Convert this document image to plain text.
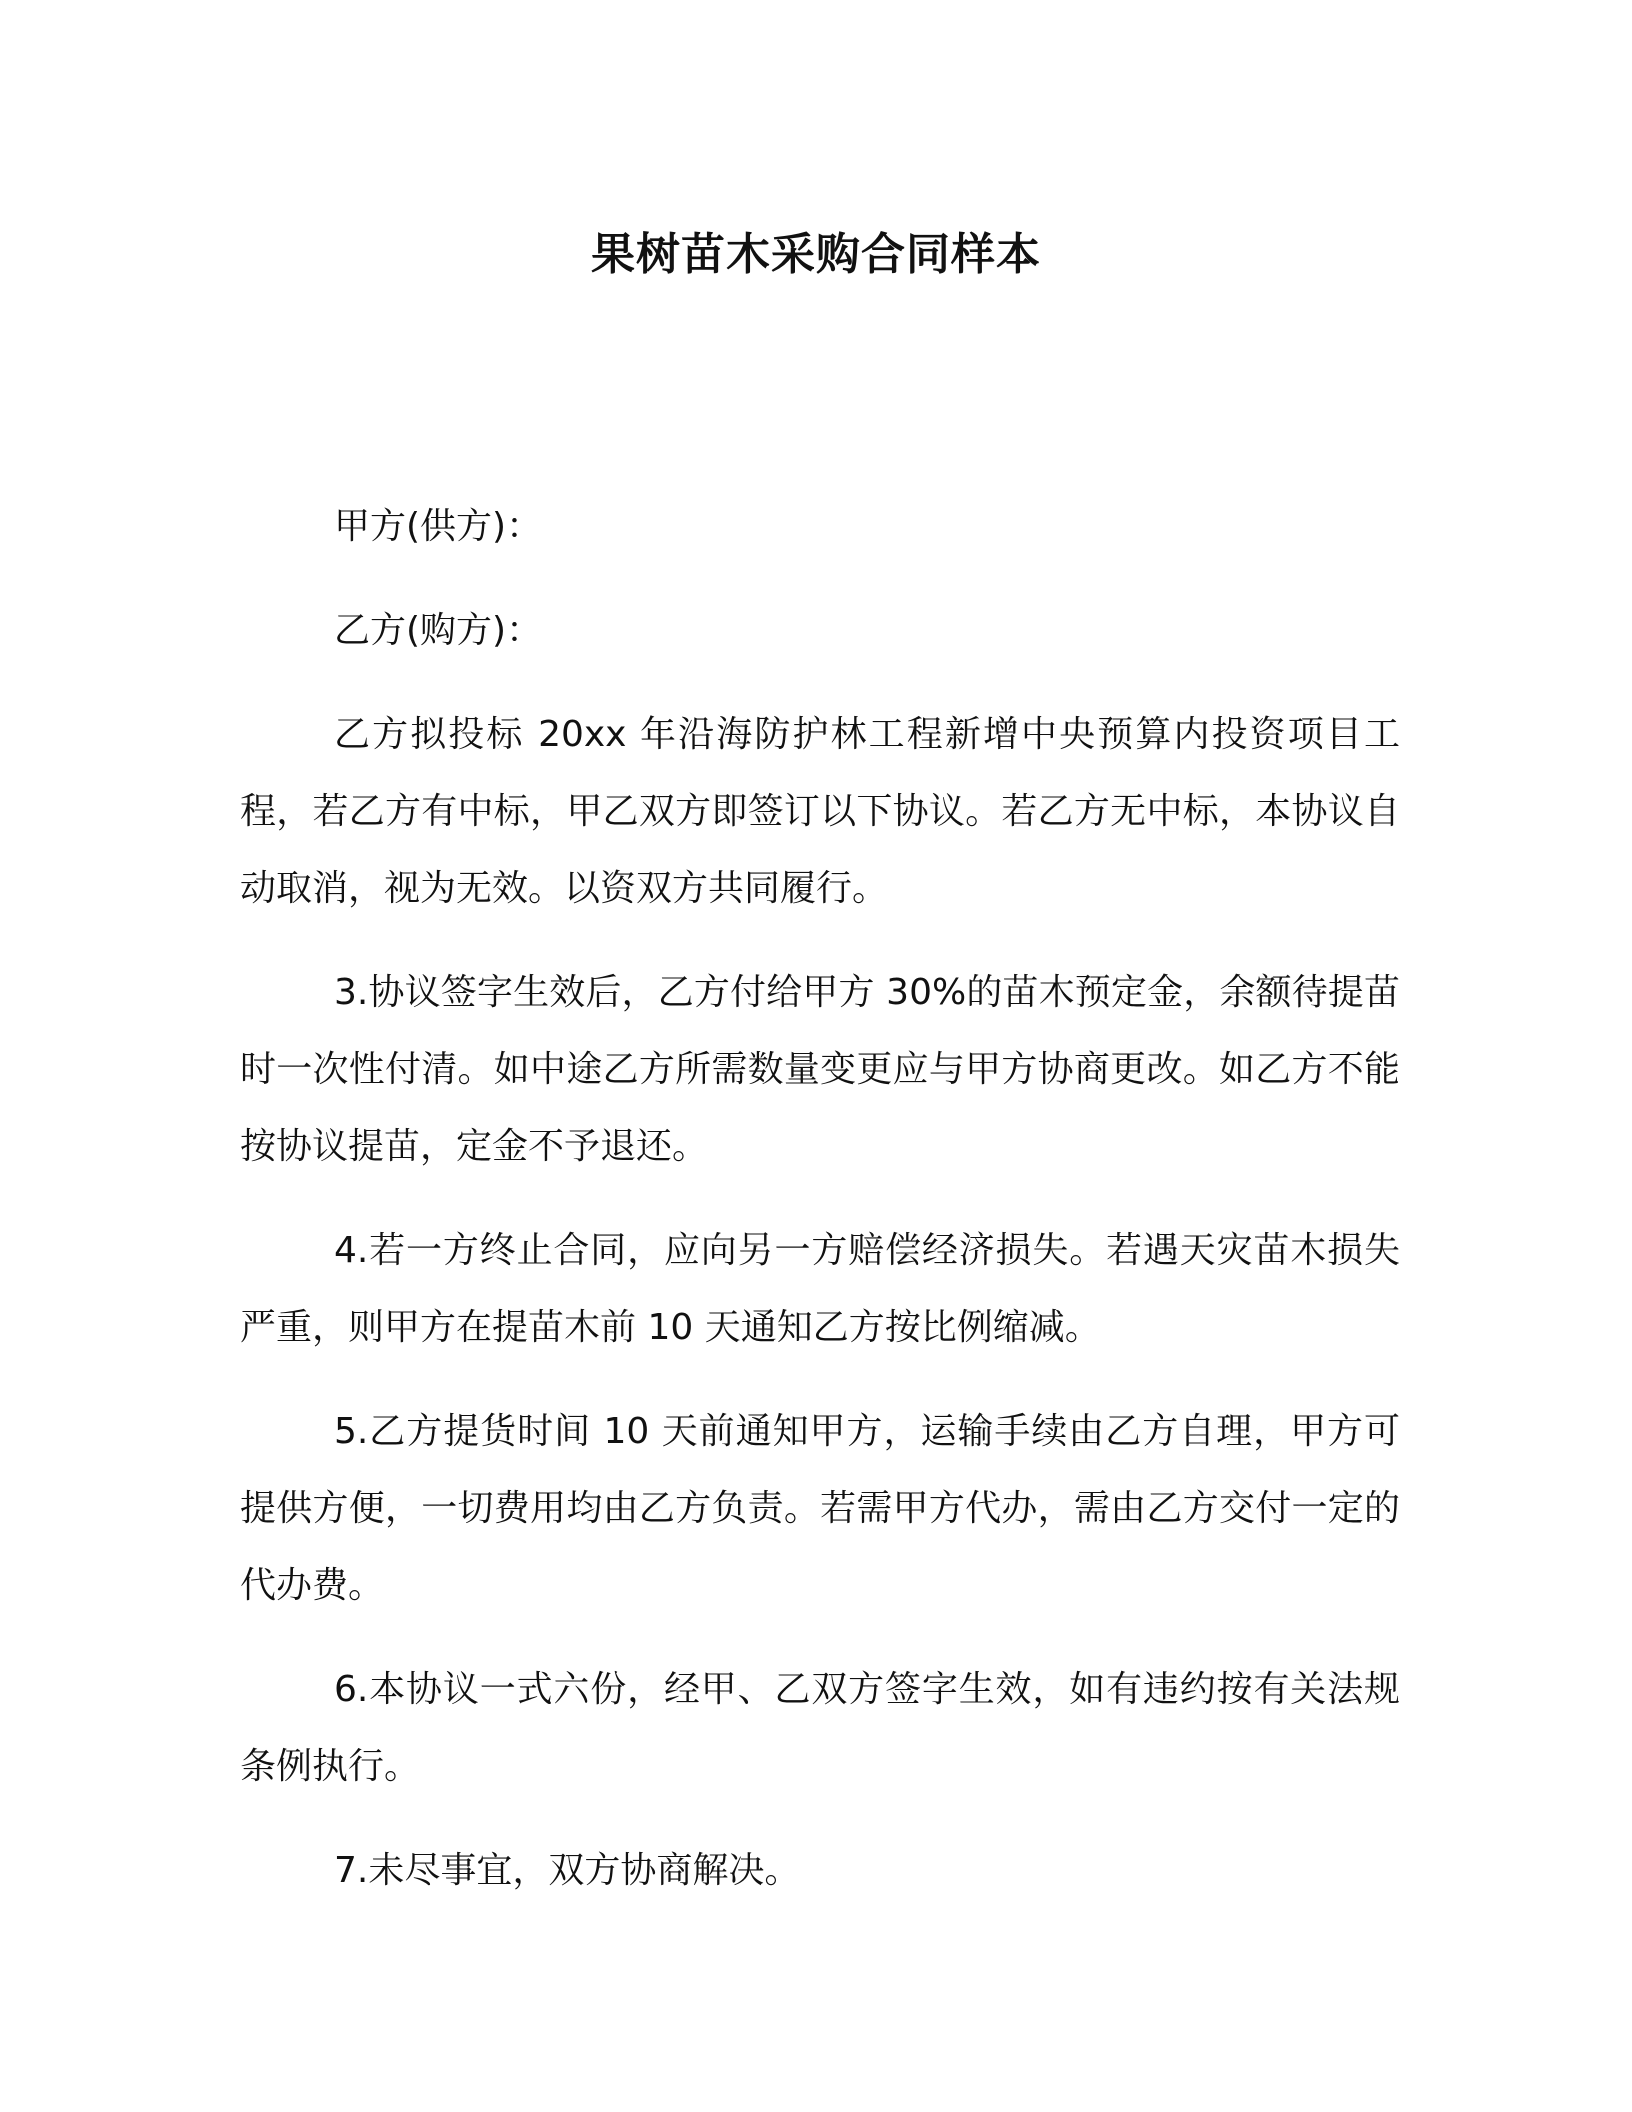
果树苗木采购合同样本

甲方(供方)：

乙方(购方)：

乙方拟投标 20xx 年沿海防护林工程新增中央预算内投资项目工程，若乙方有中标，甲乙双方即签订以下协议。若乙方无中标，本协议自动取消，视为无效。以资双方共同履行。

3.协议签字生效后，乙方付给甲方 30%的苗木预定金，余额待提苗时一次性付清。如中途乙方所需数量变更应与甲方协商更改。如乙方不能按协议提苗，定金不予退还。

4.若一方终止合同，应向另一方赔偿经济损失。若遇天灾苗木损失严重，则甲方在提苗木前 10 天通知乙方按比例缩减。

5.乙方提货时间 10 天前通知甲方，运输手续由乙方自理，甲方可提供方便，一切费用均由乙方负责。若需甲方代办，需由乙方交付一定的代办费。

6.本协议一式六份，经甲、乙双方签字生效，如有违约按有关法规条例执行。

7.未尽事宜，双方协商解决。
